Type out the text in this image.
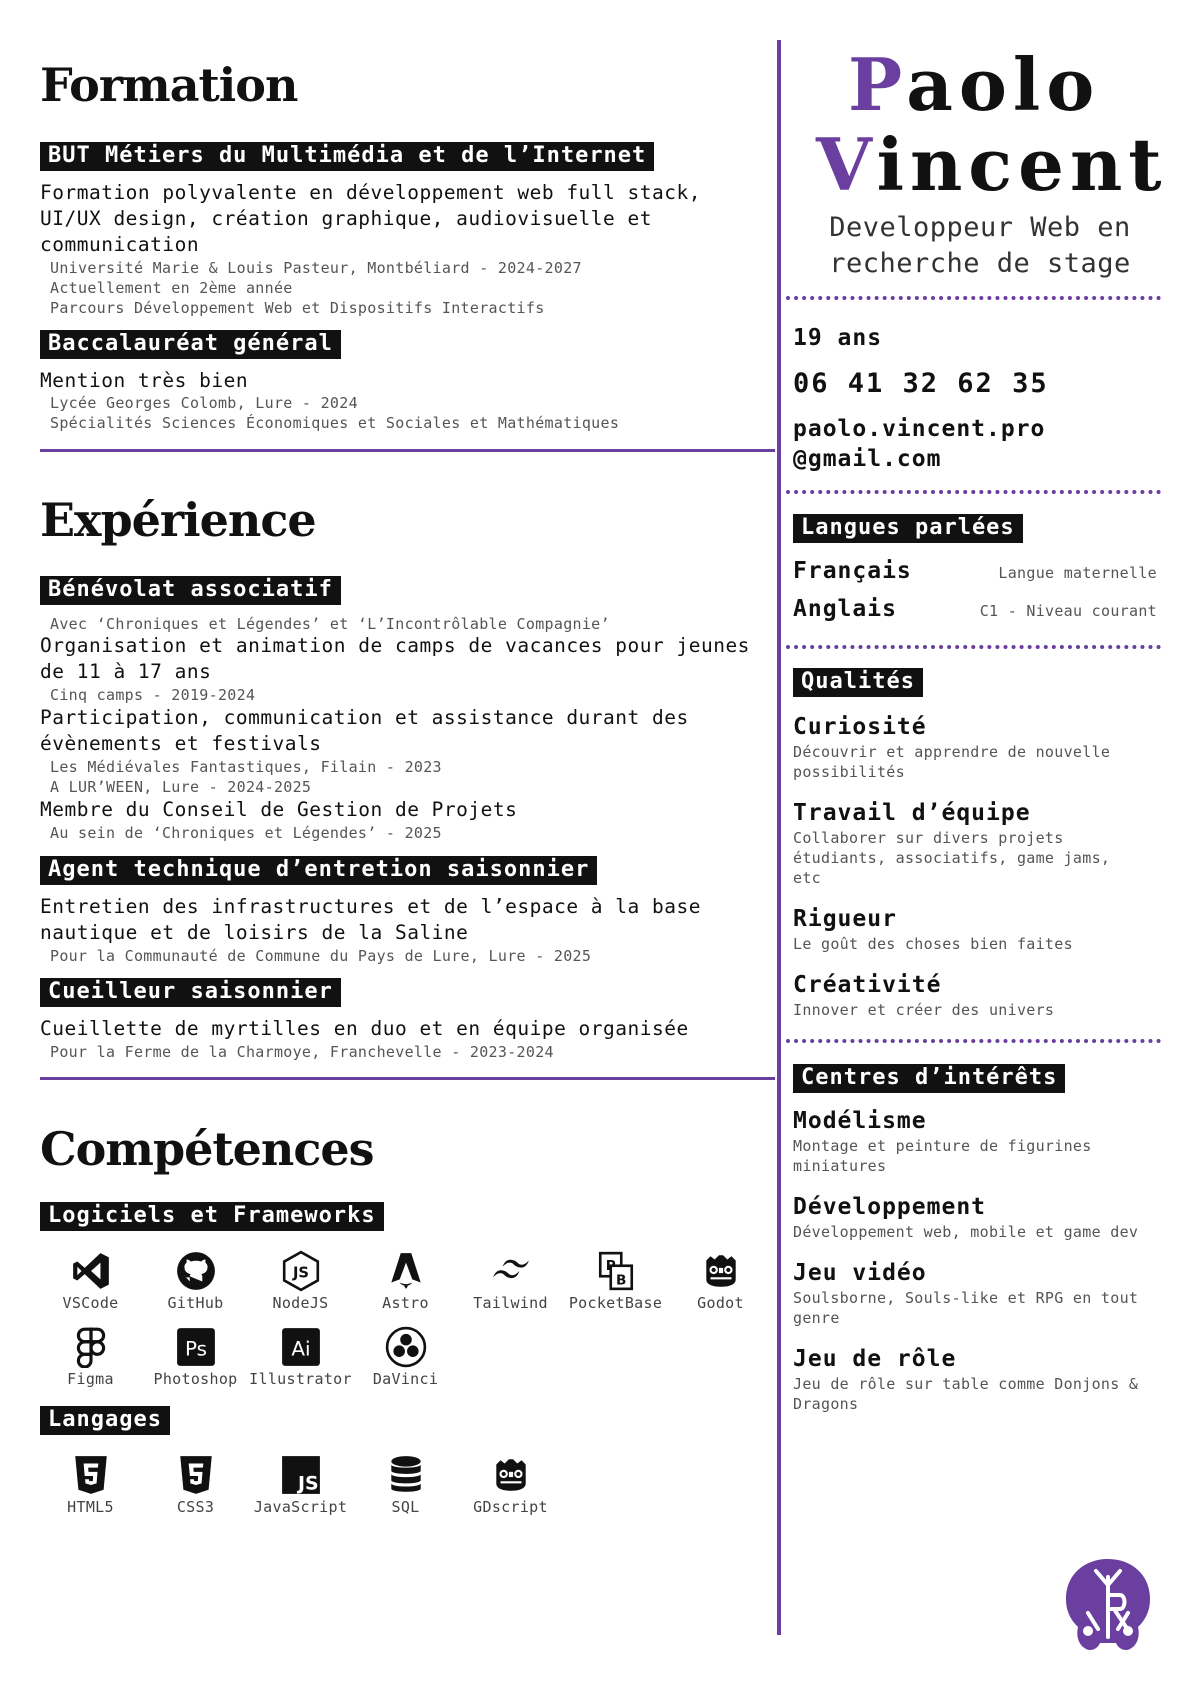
Formation
BUT Métiers du Multimédia et de l’Internet
Formation polyvalente en développement web full stack,
UI/UX design, création graphique, audiovisuelle et
communication
Université Marie & Louis Pasteur, Montbéliard - 2024-2027
Actuellement en 2ème année
Parcours Développement Web et Dispositifs Interactifs
Baccalauréat général
Mention très bien
Lycée Georges Colomb, Lure - 2024
Spécialités Sciences Économiques et Sociales et Mathématiques
Expérience
Bénévolat associatif
Avec ‘Chroniques et Légendes’ et ‘L’Incontrôlable Compagnie’
Organisation et animation de camps de vacances pour jeunes
de 11 à 17 ans
Cinq camps - 2019-2024
Participation, communication et assistance durant des
évènements et festivals
Les Médiévales Fantastiques, Filain - 2023
A LUR’WEEN, Lure - 2024-2025
Membre du Conseil de Gestion de Projets
Au sein de ‘Chroniques et Légendes’ - 2025
Agent technique d’entretion saisonnier
Entretien des infrastructures et de l’espace à la base
nautique et de loisirs de la Saline
Pour la Communauté de Commune du Pays de Lure, Lure - 2025
Cueilleur saisonnier
Cueillette de myrtilles en duo et en équipe organisée
Pour la Ferme de la Charmoye, Franchevelle - 2023-2024
Compétences
Logiciels et Frameworks
VSCode	GitHub
JS
NodeJS	Astro	Tailwind
P
B
PocketBase Godot
Figma
Ps
Photoshop
Ai
Illustrator DaVinci
Langages
HTML5	CSS3
JS
JavaScript	SQL	GDscript
Paolo
Vincent
Developpeur Web en
recherche de stage
19 ans
06 41 32 62 35
paolo.vincent.pro
@gmail.com
Langues parlées
Français	Langue maternelle
Anglais	C1 - Niveau courant
Qualités
Curiosité
Découvrir et apprendre de nouvelle
possibilités
Travail d’équipe
Collaborer sur divers projets
étudiants, associatifs, game jams,
etc
Rigueur
Le goût des choses bien faites
Créativité
Innover et créer des univers
Centres d’intérêts
Modélisme
Montage et peinture de figurines
miniatures
Développement
Développement web, mobile et game dev
Jeu vidéo
Soulsborne, Souls-like et RPG en tout
genre
Jeu de rôle
Jeu de rôle sur table comme Donjons &
Dragons
